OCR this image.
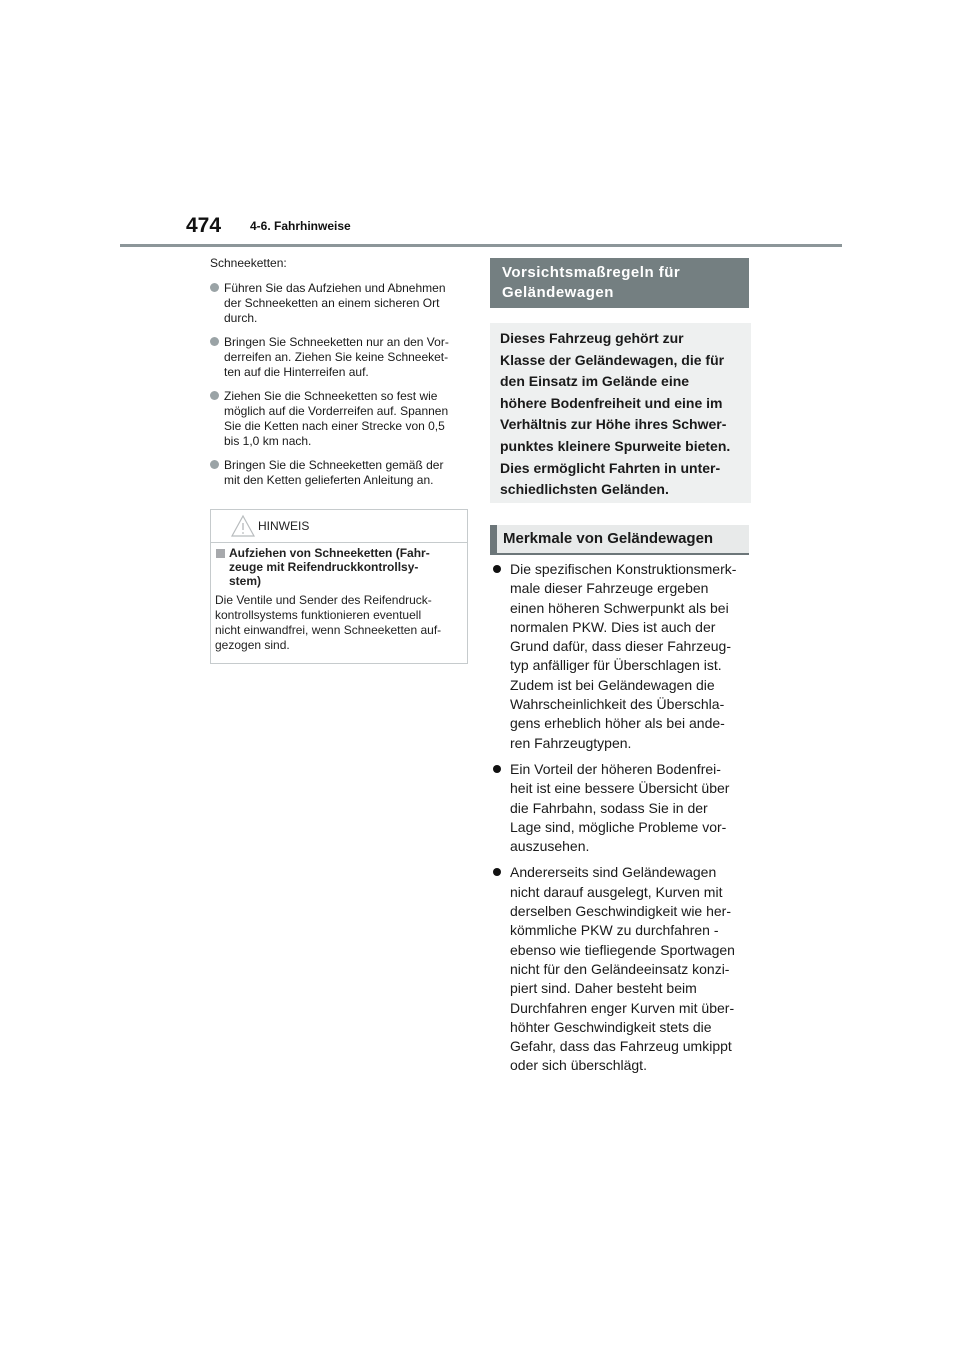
474 4-6. Fahrhinweise

Schneeketten:

Führen Sie das Aufziehen und Abnehmen
der Schneeketten an einem sicheren Ort
durch.
Bringen Sie Schneeketten nur an den Vor-
derreifen an. Ziehen Sie keine Schneeket-
ten auf die Hinterreifen auf.
Ziehen Sie die Schneeketten so fest wie
möglich auf die Vorderreifen auf. Spannen
Sie die Ketten nach einer Strecke von 0,5
bis 1,0 km nach.
Bringen Sie die Schneeketten gemäß der
mit den Ketten gelieferten Anleitung an.
HINWEIS
Aufziehen von Schneeketten (Fahr-
zeuge mit Reifendruckkontrollsy-
stem)
Die Ventile und Sender des Reifendruck-
kontrollsystems funktionieren eventuell
nicht einwandfrei, wenn Schneeketten auf-
gezogen sind.
Vorsichtsmaßregeln für
Geländewagen
Dieses Fahrzeug gehört zur
Klasse der Geländewagen, die für
den Einsatz im Gelände eine
höhere Bodenfreiheit und eine im
Verhältnis zur Höhe ihres Schwer-
punktes kleinere Spurweite bieten.
Dies ermöglicht Fahrten in unter-
schiedlichsten Geländen.
Merkmale von Geländewagen
Die spezifischen Konstruktionsmerk-
male dieser Fahrzeuge ergeben
einen höheren Schwerpunkt als bei
normalen PKW. Dies ist auch der
Grund dafür, dass dieser Fahrzeug-
typ anfälliger für Überschlagen ist.
Zudem ist bei Geländewagen die
Wahrscheinlichkeit des Überschla-
gens erheblich höher als bei ande-
ren Fahrzeugtypen.
Ein Vorteil der höheren Bodenfrei-
heit ist eine bessere Übersicht über
die Fahrbahn, sodass Sie in der
Lage sind, mögliche Probleme vor-
auszusehen.
Andererseits sind Geländewagen
nicht darauf ausgelegt, Kurven mit
derselben Geschwindigkeit wie her-
kömmliche PKW zu durchfahren -
ebenso wie tiefliegende Sportwagen
nicht für den Geländeeinsatz konzi-
piert sind. Daher besteht beim
Durchfahren enger Kurven mit über-
höhter Geschwindigkeit stets die
Gefahr, dass das Fahrzeug umkippt
oder sich überschlägt.
